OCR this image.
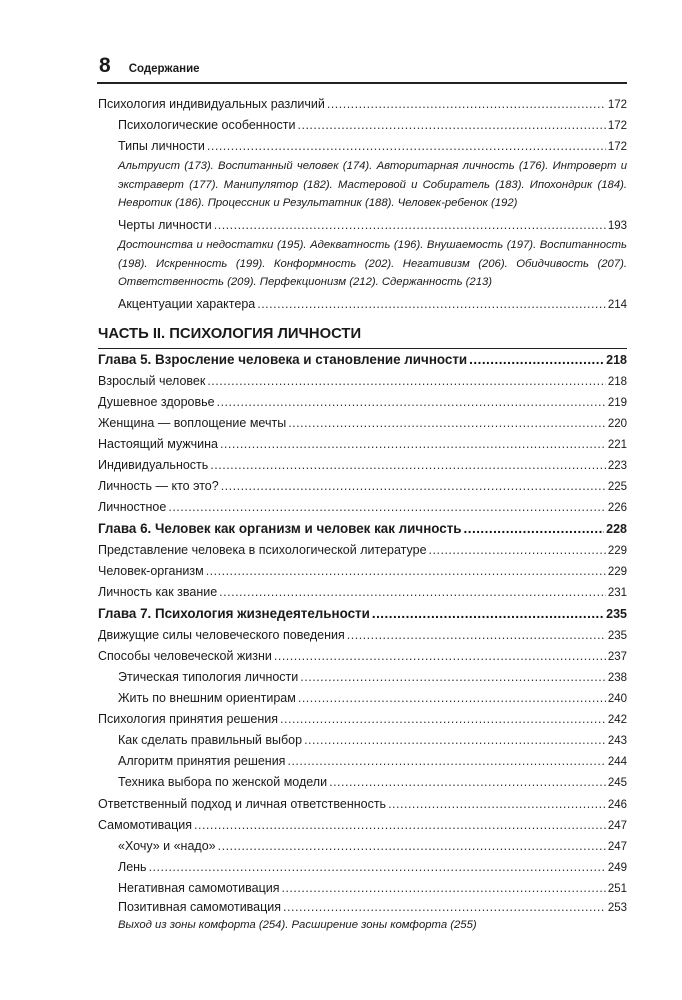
8 Содержание
Психология индивидуальных различий .....	172
Психологические особенности .....	172
Типы личности .....	172
Альтруист (173). Воспитанный человек (174). Авторитарная личность (176). Интроверт и экстраверт (177). Манипулятор (182). Мастеровой и Собиратель (183). Ипохондрик (184). Невротик (186). Процессник и Результатник (188). Человек-ребенок (192)
Черты личности .....	193
Достоинства и недостатки (195). Адекватность (196). Внушаемость (197). Воспитанность (198). Искренность (199). Конформность (202). Негативизм (206). Обидчивость (207). Ответственность (209). Перфекционизм (212). Сдержанность (213)
Акцентуации характера .....	214
ЧАСТЬ II. ПСИХОЛОГИЯ ЛИЧНОСТИ
Глава 5. Взросление человека и становление личности .....	218
Взрослый человек .....	218
Душевное здоровье .....	219
Женщина — воплощение мечты .....	220
Настоящий мужчина .....	221
Индивидуальность .....	223
Личность — кто это? .....	225
Личностное .....	226
Глава 6. Человек как организм и человек как личность .....	228
Представление человека в психологической литературе .....	229
Человек-организм .....	229
Личность как звание .....	231
Глава 7. Психология жизнедеятельности .....	235
Движущие силы человеческого поведения .....	235
Способы человеческой жизни .....	237
Этическая типология личности .....	238
Жить по внешним ориентирам .....	240
Психология принятия решения .....	242
Как сделать правильный выбор .....	243
Алгоритм принятия решения .....	244
Техника выбора по женской модели .....	245
Ответственный подход и личная ответственность .....	246
Самомотивация .....	247
«Хочу» и «надо» .....	247
Лень .....	249
Негативная самомотивация .....	251
Позитивная самомотивация .....	253
Выход из зоны комфорта (254). Расширение зоны комфорта (255)
